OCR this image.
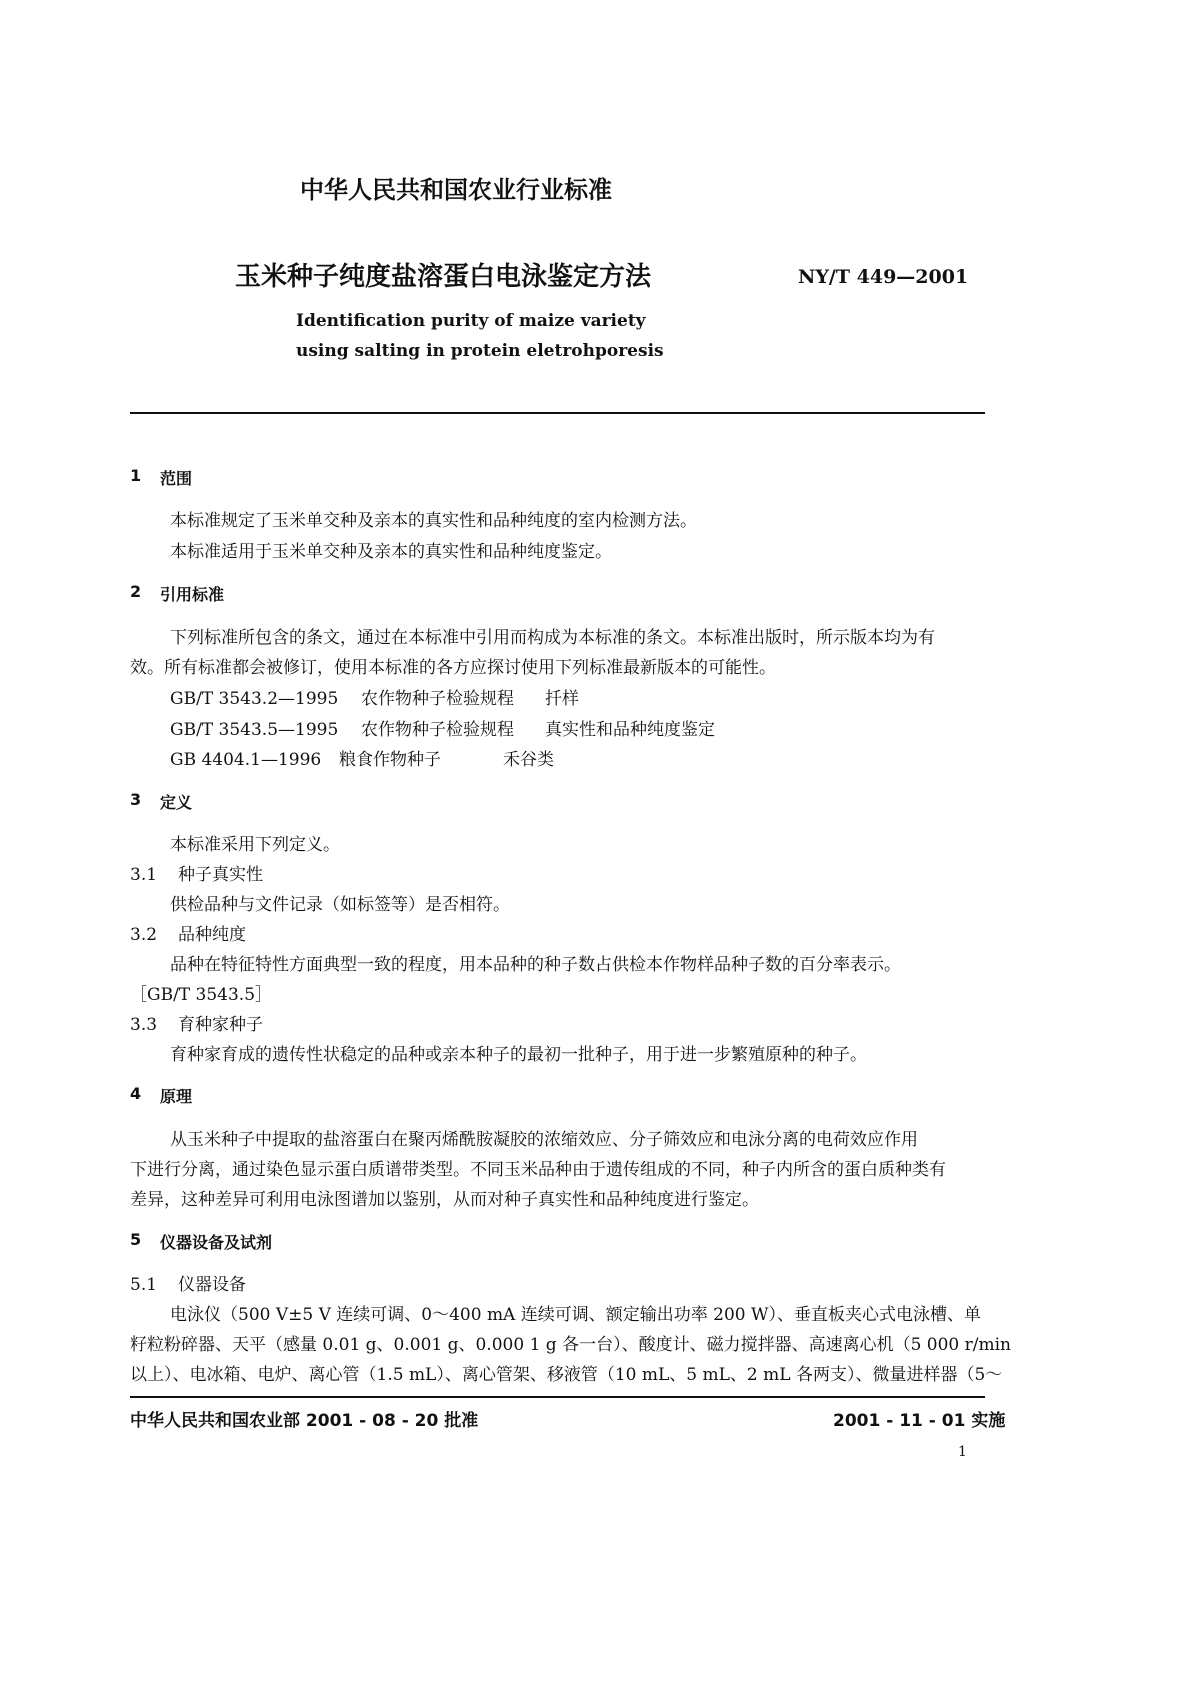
中华人民共和国农业行业标准
玉米种子纯度盐溶蛋白电泳鉴定方法	NY/T 449—2001
Identification purity of maize variety
using salting in protein eletrohporesis
1 范围
本标准规定了玉米单交种及亲本的真实性和品种纯度的室内检测方法。
本标准适用于玉米单交种及亲本的真实性和品种纯度鉴定。
2 引用标准
下列标准所包含的条文，通过在本标准中引用而构成为本标准的条文。本标准出版时，所示版本均为有
效。所有标准都会被修订，使用本标准的各方应探讨使用下列标准最新版本的可能性。
GB/T 3543.2—1995 农作物种子检验规程 扦样
GB/T 3543.5—1995 农作物种子检验规程 真实性和品种纯度鉴定
GB 4404.1—1996 粮食作物种子	禾谷类
3 定义
本标准采用下列定义。
3.1 种子真实性
供检品种与文件记录（如标签等）是否相符。
3.2 品种纯度
品种在特征特性方面典型一致的程度，用本品种的种子数占供检本作物样品种子数的百分率表示。
［GB/T 3543.5］
3.3 育种家种子
育种家育成的遗传性状稳定的品种或亲本种子的最初一批种子，用于进一步繁殖原种的种子。
4 原理
从玉米种子中提取的盐溶蛋白在聚丙烯酰胺凝胶的浓缩效应、分子筛效应和电泳分离的电荷效应作用
下进行分离，通过染色显示蛋白质谱带类型。不同玉米品种由于遗传组成的不同，种子内所含的蛋白质种类有
差异，这种差异可利用电泳图谱加以鉴别，从而对种子真实性和品种纯度进行鉴定。
5 仪器设备及试剂
5.1 仪器设备
电泳仪（500 V±5 V 连续可调、0～400 mA 连续可调、额定输出功率 200 W）、垂直板夹心式电泳槽、单
籽粒粉碎器、天平（感量 0.01 g、0.001 g、0.000 1 g 各一台）、酸度计、磁力搅拌器、高速离心机（5 000 r/min
以上）、电冰箱、电炉、离心管（1.5 mL）、离心管架、移液管（10 mL、5 mL、2 mL 各两支）、微量进样器（5～
中华人民共和国农业部 2001 - 08 - 20 批准	2001 - 11 - 01 实施
1
